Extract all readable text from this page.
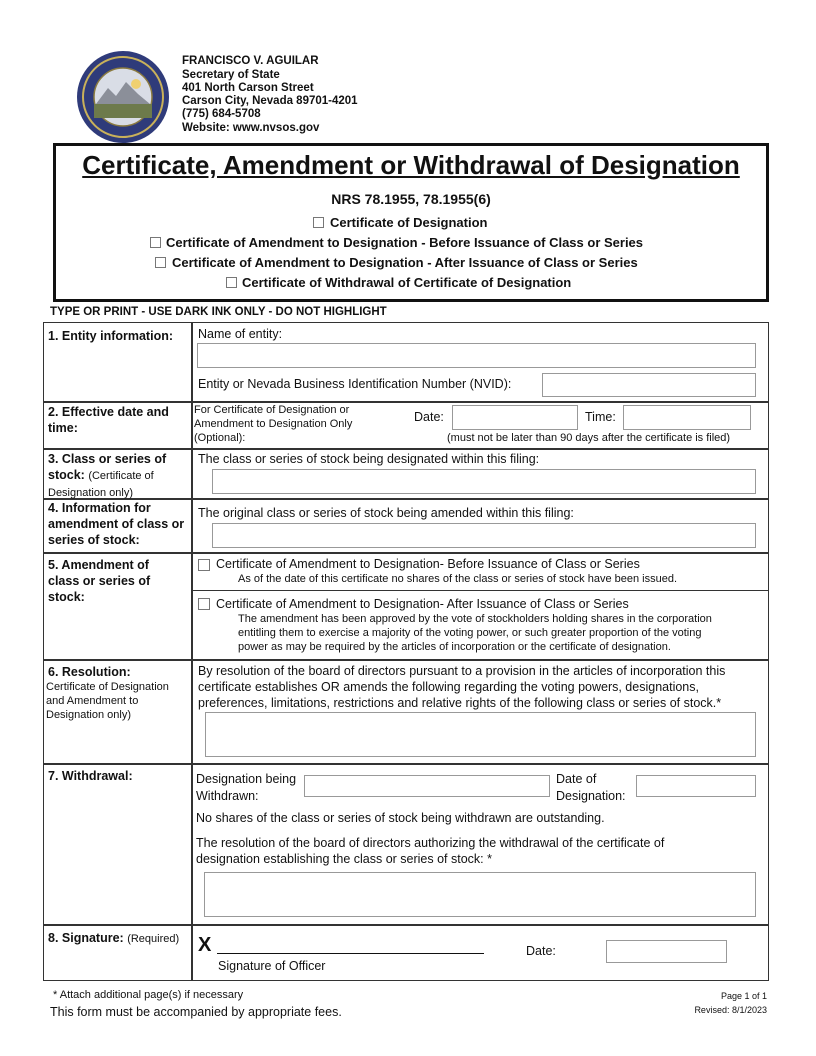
FRANCISCO V. AGUILAR
Secretary of State
401 North Carson Street
Carson City, Nevada 89701-4201
(775) 684-5708
Website: www.nvsos.gov
Certificate, Amendment or Withdrawal of Designation
NRS 78.1955, 78.1955(6)
Certificate of Designation
Certificate of Amendment to Designation - Before Issuance of Class or Series
Certificate of Amendment to Designation - After Issuance of Class or Series
Certificate of Withdrawal of Certificate of Designation
TYPE OR PRINT - USE DARK INK ONLY - DO NOT HIGHLIGHT
1. Entity information:	Name of entity:
Entity or Nevada Business Identification Number (NVID):
2. Effective date and time:
For Certificate of Designation or
Amendment to Designation Only
(Optional):
Date:	Time:
(must not be later than 90 days after the certificate is filed)
3. Class or series of stock: (Certificate of Designation only)
The class or series of stock being designated within this filing:
4. Information for amendment of class or series of stock:
The original class or series of stock being amended within this filing:
5. Amendment of class or series of stock:
Certificate of Amendment to Designation- Before Issuance of Class or Series
As of the date of this certificate no shares of the class or series of stock have been issued.
Certificate of Amendment to Designation- After Issuance of Class or Series
The amendment has been approved by the vote of stockholders holding shares in the corporation
entitling them to exercise a majority of the voting power, or such greater proportion of the voting
power as may be required by the articles of incorporation or the certificate of designation.
6. Resolution:
Certificate of Designation and Amendment to Designation only)
By resolution of the board of directors pursuant to a provision in the articles of incorporation this
certificate establishes OR amends the following regarding the voting powers, designations,
preferences, limitations, restrictions and relative rights of the following class or series of stock.*
7. Withdrawal:	Designation being
Withdrawn:
Date of
Designation:
No shares of the class or series of stock being withdrawn are outstanding.
The resolution of the board of directors authorizing the withdrawal of the certificate of
designation establishing the class or series of stock: *
8. Signature: (Required) X
Signature of Officer
Date:
* Attach additional page(s) if necessary
This form must be accompanied by appropriate fees.
Page 1 of 1
Revised: 8/1/2023
